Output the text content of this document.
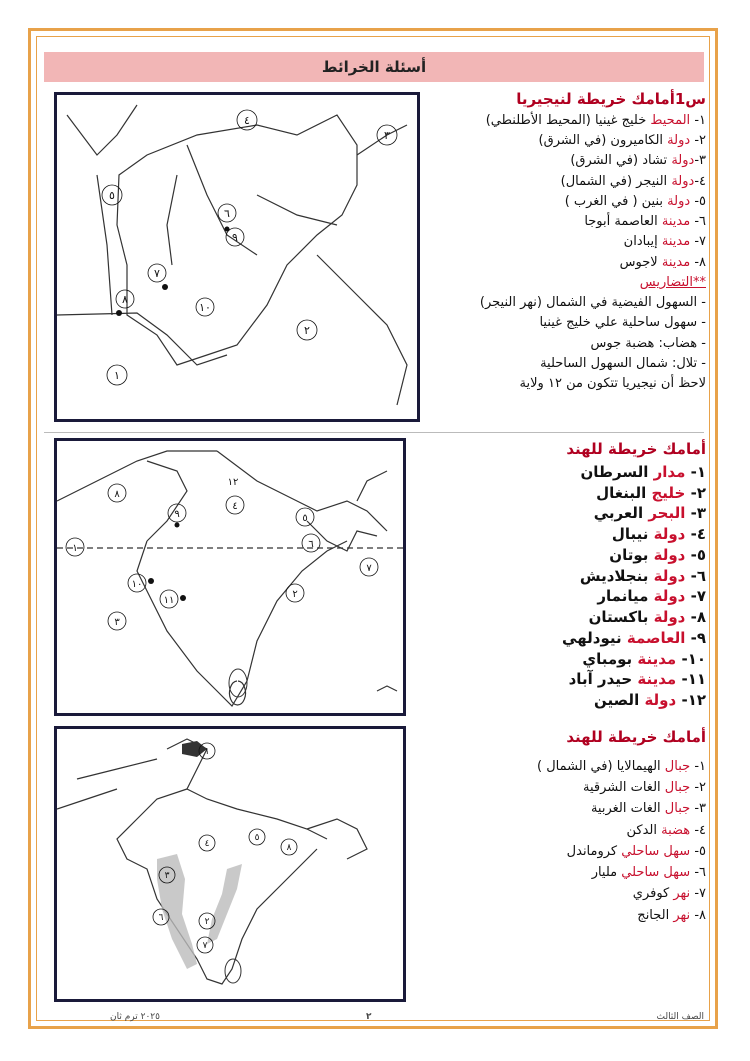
أسئلة الخرائط
١
٢
٣
٤
٥
٦
٧
٨
٩
١٠
س1أمامك خريطة لنيجيريا
١- المحيط خليج غينيا (المحيط الأطلنطي)
٢- دولة الكاميرون (في الشرق)
٣-دولة تشاد (في الشرق)
٤-دولة النيجر (في الشمال)
٥- دولة بنين ( في الغرب )
٦- مدينة العاصمة أبوجا
٧- مدينة إيبادان
٨- مدينة لاجوس
**التضاريس
- السهول الفيضية في الشمال (نهر النيجر)
- سهول ساحلية علي خليج غينيا
- هضاب: هضبة جوس
- تلال: شمال السهول الساحلية
لاحظ أن نيجيريا تتكون من ١٢ ولاية
١
٢
٣
٤
٥
٦
٧
٨
٩
١٠
١١
١٢
أمامك خريطة للهند
١- مدار السرطان
٢- خليج البنغال
٣- البحر العربي
٤- دولة نيبال
٥- دولة بوتان
٦- دولة بنجلاديش
٧- دولة ميانمار
٨- دولة باكستان
٩- العاصمة نيودلهي
١٠- مدينة بومباي
١١- مدينة حيدر آباد
١٢- دولة الصين
١
٢
٣
٤
٥
٦
٧
٨
أمامك خريطة للهند
١- جبال الهيمالايا (في الشمال )
٢- جبال الغات الشرقية
٣- جبال الغات الغربية
٤- هضبة الدكن
٥- سهل ساحلي كروماندل
٦- سهل ساحلي مليار
٧- نهر كوفري
٨- نهر الجانج
الصف الثالث
٢
٢٠٢٥ ترم ثان
